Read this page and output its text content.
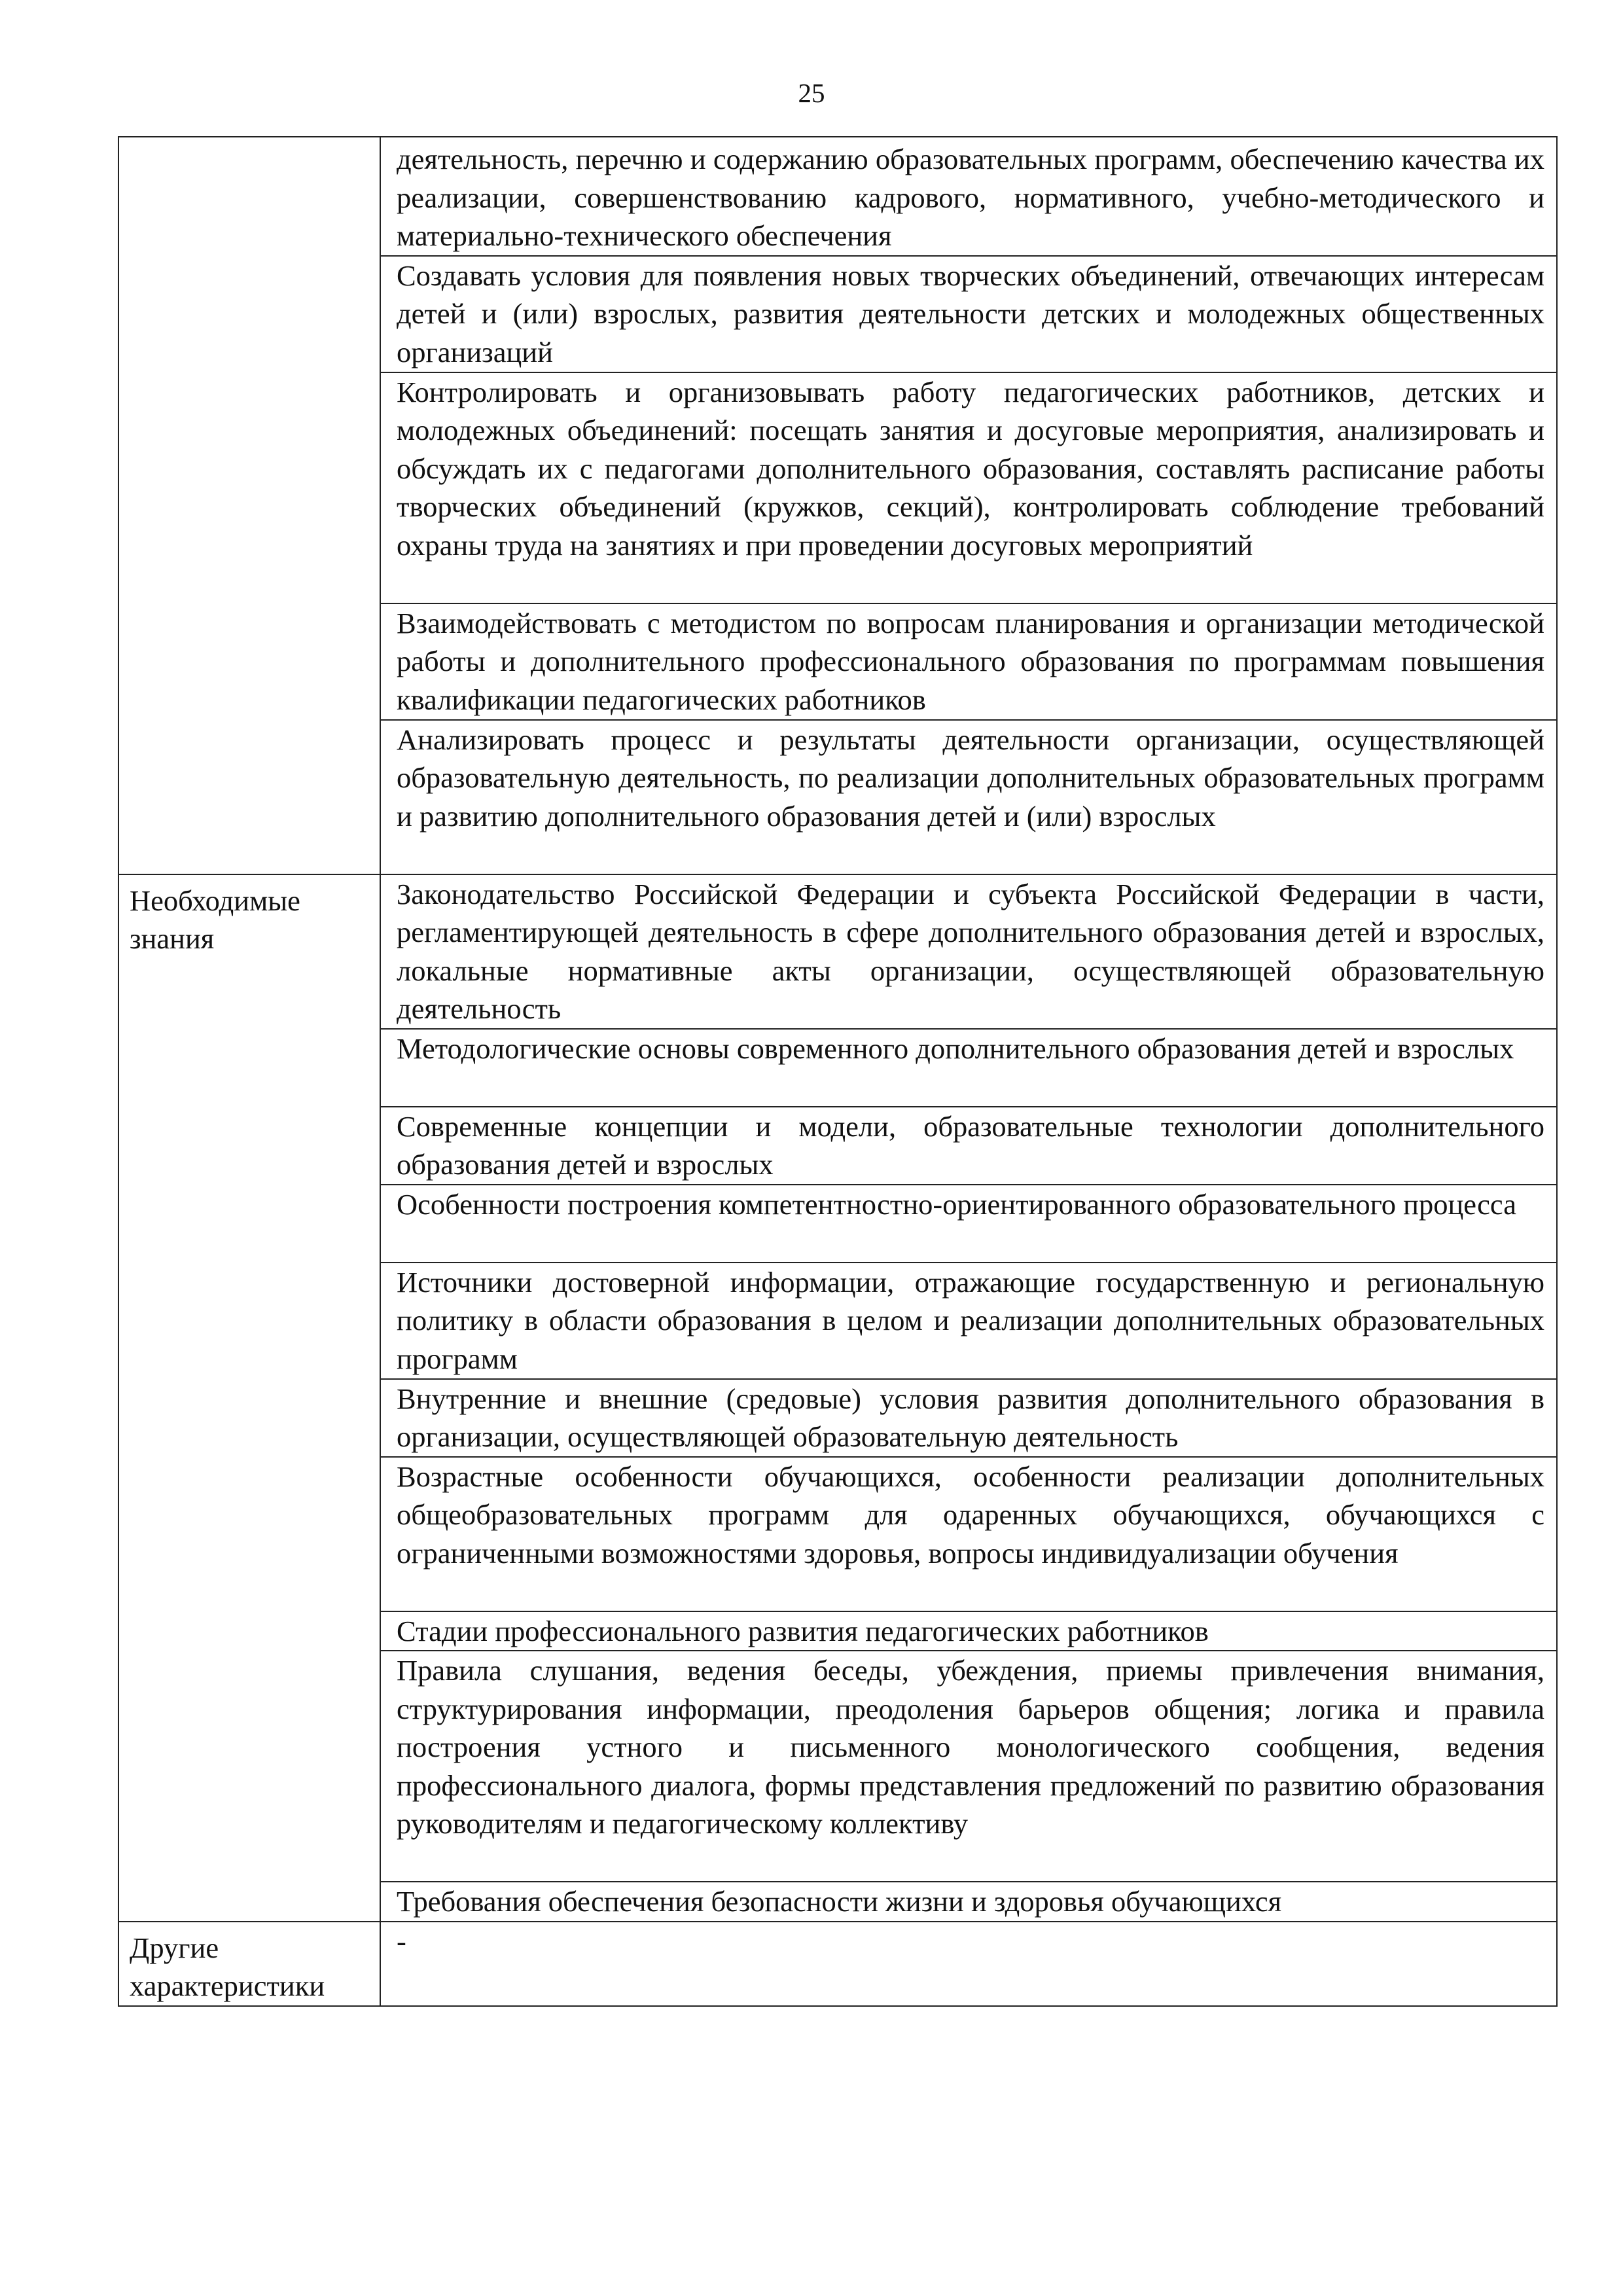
25
	деятельность, перечню и содержанию образовательных программ, обеспечению качества их реализации, совершенствованию кадрового, нормативного, учебно-методического и материально-технического обеспечения
	Создавать условия для появления новых творческих объединений, отвечающих интересам детей и (или) взрослых, развития деятельности детских и молодежных общественных организаций
	Контролировать и организовывать работу педагогических работников, детских и молодежных объединений: посещать занятия и досуговые мероприятия, анализировать и обсуждать их с педагогами дополнительного образования, составлять расписание работы творческих объединений (кружков, секций), контролировать соблюдение требований охраны труда на занятиях и при проведении досуговых мероприятий
	Взаимодействовать с методистом по вопросам планирования и организации методической работы и дополнительного профессионального образования по программам повышения квалификации педагогических работников
	Анализировать процесс и результаты деятельности организации, осуществляющей образовательную деятельность, по реализации дополнительных образовательных программ и развитию дополнительного образования детей и (или) взрослых
Необходимые знания	Законодательство Российской Федерации и субъекта Российской Федерации в части, регламентирующей деятельность в сфере дополнительного образования детей и взрослых, локальные нормативные акты организации, осуществляющей образовательную деятельность
	Методологические основы современного дополнительного образования детей и взрослых
	Современные концепции и модели, образовательные технологии дополнительного образования детей и взрослых
	Особенности построения компетентностно-ориентированного образовательного процесса
	Источники достоверной информации, отражающие государственную и региональную политику в области образования в целом и реализации дополнительных образовательных программ
	Внутренние и внешние (средовые) условия развития дополнительного образования в организации, осуществляющей образовательную деятельность
	Возрастные особенности обучающихся, особенности реализации дополнительных общеобразовательных программ для одаренных обучающихся, обучающихся с ограниченными возможностями здоровья, вопросы индивидуализации обучения
	Стадии профессионального развития педагогических работников
	Правила слушания, ведения беседы, убеждения, приемы привлечения внимания, структурирования информации, преодоления барьеров общения; логика и правила построения устного и письменного монологического сообщения, ведения профессионального диалога, формы представления предложений по развитию образования руководителям и педагогическому коллективу
	Требования обеспечения безопасности жизни и здоровья обучающихся
Другие характеристики	-
